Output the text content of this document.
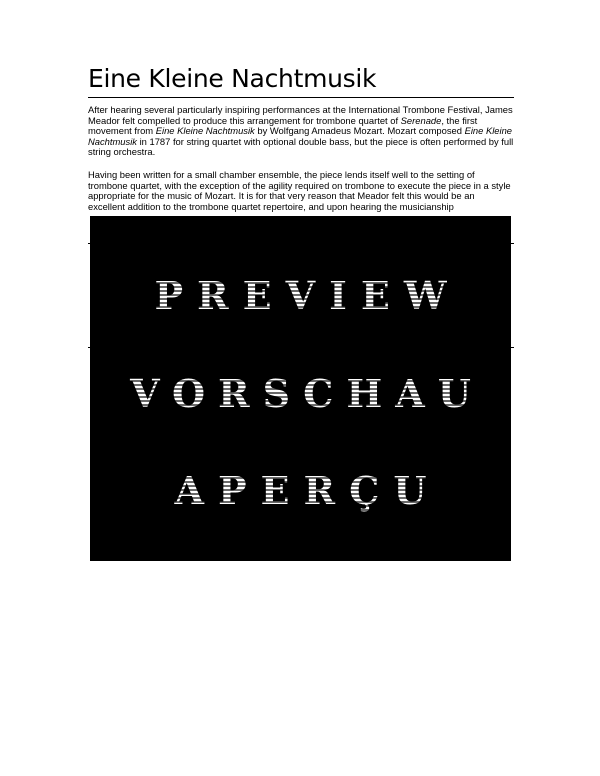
Eine Kleine Nachtmusik

After hearing several particularly inspiring performances at the International Trombone Festival, James Meador felt compelled to produce this arrangement for trombone quartet of Serenade, the first movement from Eine Kleine Nachtmusik by Wolfgang Amadeus Mozart. Mozart composed Eine Kleine Nachtmusik in 1787 for string quartet with optional double bass, but the piece is often performed by full string orchestra.

Having been written for a small chamber ensemble, the piece lends itself well to the setting of trombone quartet, with the exception of the agility required on trombone to execute the piece in a style appropriate for the music of Mozart. It is for that very reason that Meador felt this would be an excellent addition to the trombone quartet repertoire, and upon hearing the musicianship

PREVIEW
VORSCHAU
APERÇU
